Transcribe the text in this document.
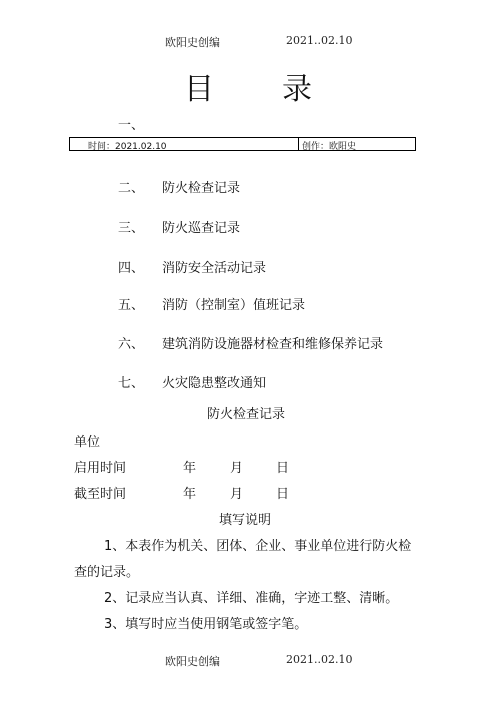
欧阳史创编	2021..02.10
目 录
一、
时间：2021.02.10	创作：欧阳史
二、 防火检查记录
三、 防火巡查记录
四、 消防安全活动记录
五、 消防（控制室）值班记录
六、 建筑消防设施器材检查和维修保养记录
七、 火灾隐患整改通知
防火检查记录
单位
启用时间	年	月	日
截至时间	年	月	日
填写说明
1、本表作为机关、团体、企业、事业单位进行防火检
查的记录。
2、记录应当认真、详细、准确，字迹工整、清晰。
3、填写时应当使用钢笔或签字笔。
欧阳史创编	2021..02.10
